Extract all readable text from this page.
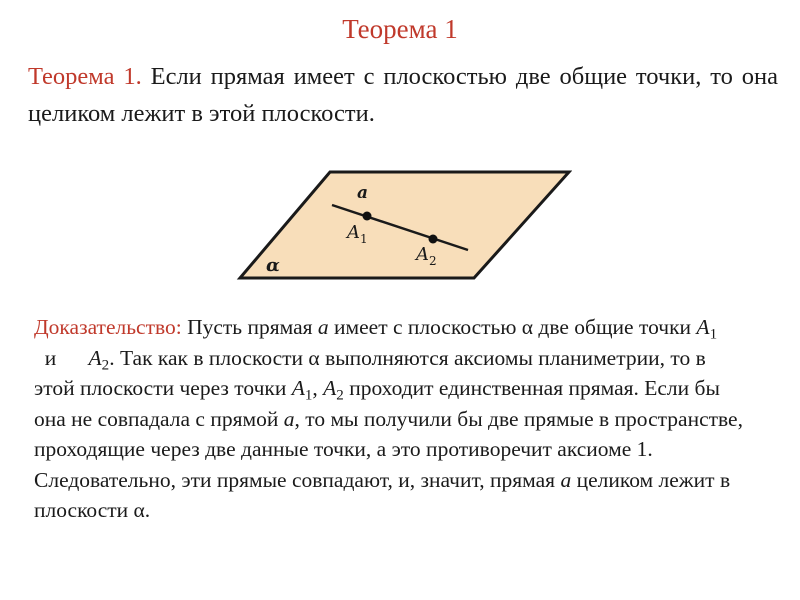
Теорема 1
Теорема 1. Если прямая имеет с плоскостью две общие точки, то она целиком лежит в этой плоскости.
a
$A_1$
$A_2$
α
Доказательство: Пусть прямая a имеет с плоскостью α две общие точки $A_1$  и      $A_2$. Так как в плоскости α выполняются аксиомы планиметрии, то в этой плоскости через точки $A_1$, $A_2$ проходит единственная прямая. Если бы она не совпадала с прямой a, то мы получили бы две прямые в пространстве, проходящие через две данные точки, а это противоречит аксиоме 1. Следовательно, эти прямые совпадают, и, значит, прямая a целиком лежит в плоскости α.
